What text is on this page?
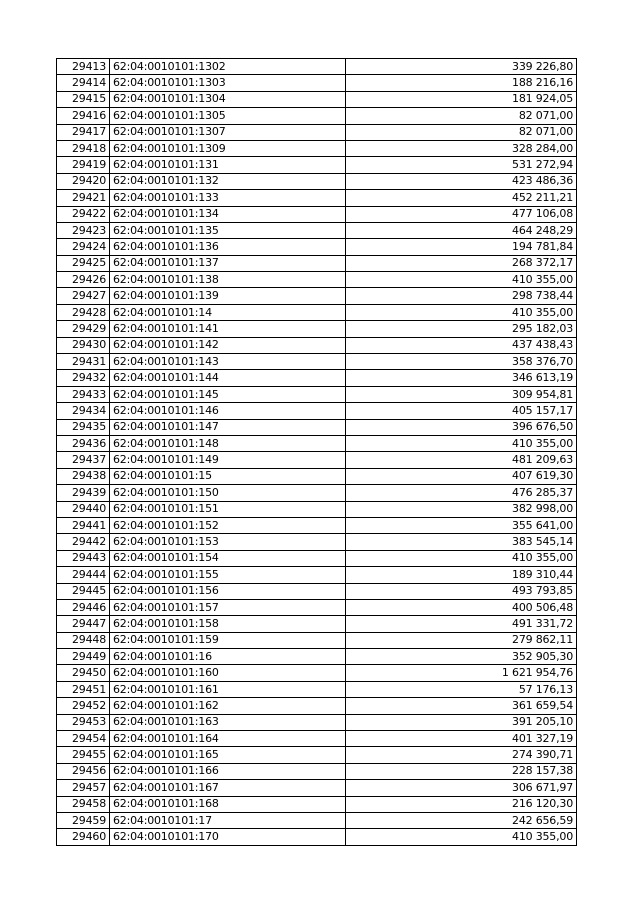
29413	62:04:0010101:1302	339 226,80
29414	62:04:0010101:1303	188 216,16
29415	62:04:0010101:1304	181 924,05
29416	62:04:0010101:1305	82 071,00
29417	62:04:0010101:1307	82 071,00
29418	62:04:0010101:1309	328 284,00
29419	62:04:0010101:131	531 272,94
29420	62:04:0010101:132	423 486,36
29421	62:04:0010101:133	452 211,21
29422	62:04:0010101:134	477 106,08
29423	62:04:0010101:135	464 248,29
29424	62:04:0010101:136	194 781,84
29425	62:04:0010101:137	268 372,17
29426	62:04:0010101:138	410 355,00
29427	62:04:0010101:139	298 738,44
29428	62:04:0010101:14	410 355,00
29429	62:04:0010101:141	295 182,03
29430	62:04:0010101:142	437 438,43
29431	62:04:0010101:143	358 376,70
29432	62:04:0010101:144	346 613,19
29433	62:04:0010101:145	309 954,81
29434	62:04:0010101:146	405 157,17
29435	62:04:0010101:147	396 676,50
29436	62:04:0010101:148	410 355,00
29437	62:04:0010101:149	481 209,63
29438	62:04:0010101:15	407 619,30
29439	62:04:0010101:150	476 285,37
29440	62:04:0010101:151	382 998,00
29441	62:04:0010101:152	355 641,00
29442	62:04:0010101:153	383 545,14
29443	62:04:0010101:154	410 355,00
29444	62:04:0010101:155	189 310,44
29445	62:04:0010101:156	493 793,85
29446	62:04:0010101:157	400 506,48
29447	62:04:0010101:158	491 331,72
29448	62:04:0010101:159	279 862,11
29449	62:04:0010101:16	352 905,30
29450	62:04:0010101:160	1 621 954,76
29451	62:04:0010101:161	57 176,13
29452	62:04:0010101:162	361 659,54
29453	62:04:0010101:163	391 205,10
29454	62:04:0010101:164	401 327,19
29455	62:04:0010101:165	274 390,71
29456	62:04:0010101:166	228 157,38
29457	62:04:0010101:167	306 671,97
29458	62:04:0010101:168	216 120,30
29459	62:04:0010101:17	242 656,59
29460	62:04:0010101:170	410 355,00
